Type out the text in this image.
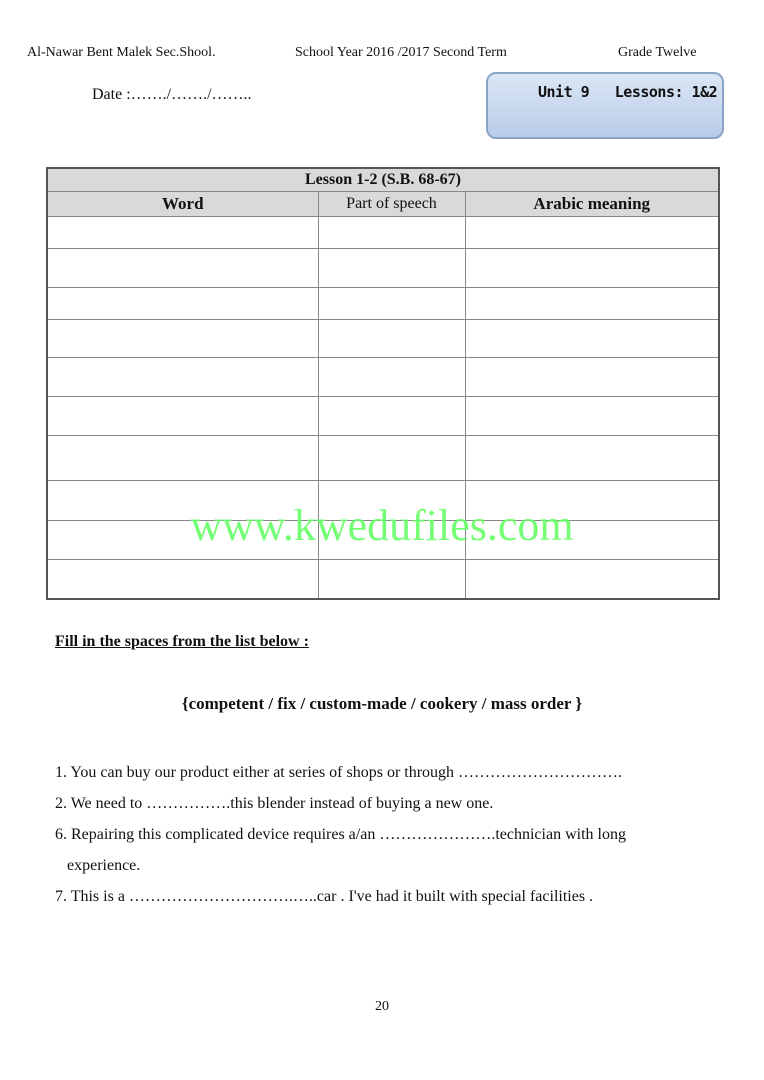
Al-Nawar Bent Malek Sec.Shool.	School Year 2016 /2017 Second Term	Grade Twelve
Date :……./……./……..	Unit 9   Lessons: 1&2
Lesson 1-2 (S.B. 68-67)		
Word	Part of speech	Arabic meaning

www.kwedufiles.com
Fill in the spaces from the list below :
{competent / fix / custom-made / cookery / mass order }
1. You can buy our product either at series of shops or through ………………………….
2. We need to …………….this blender instead of buying a new one.
6. Repairing this complicated device requires a/an ………………….technician with long
experience.
7. This is a ………………………….…..car . I've had it built with special facilities .
20
